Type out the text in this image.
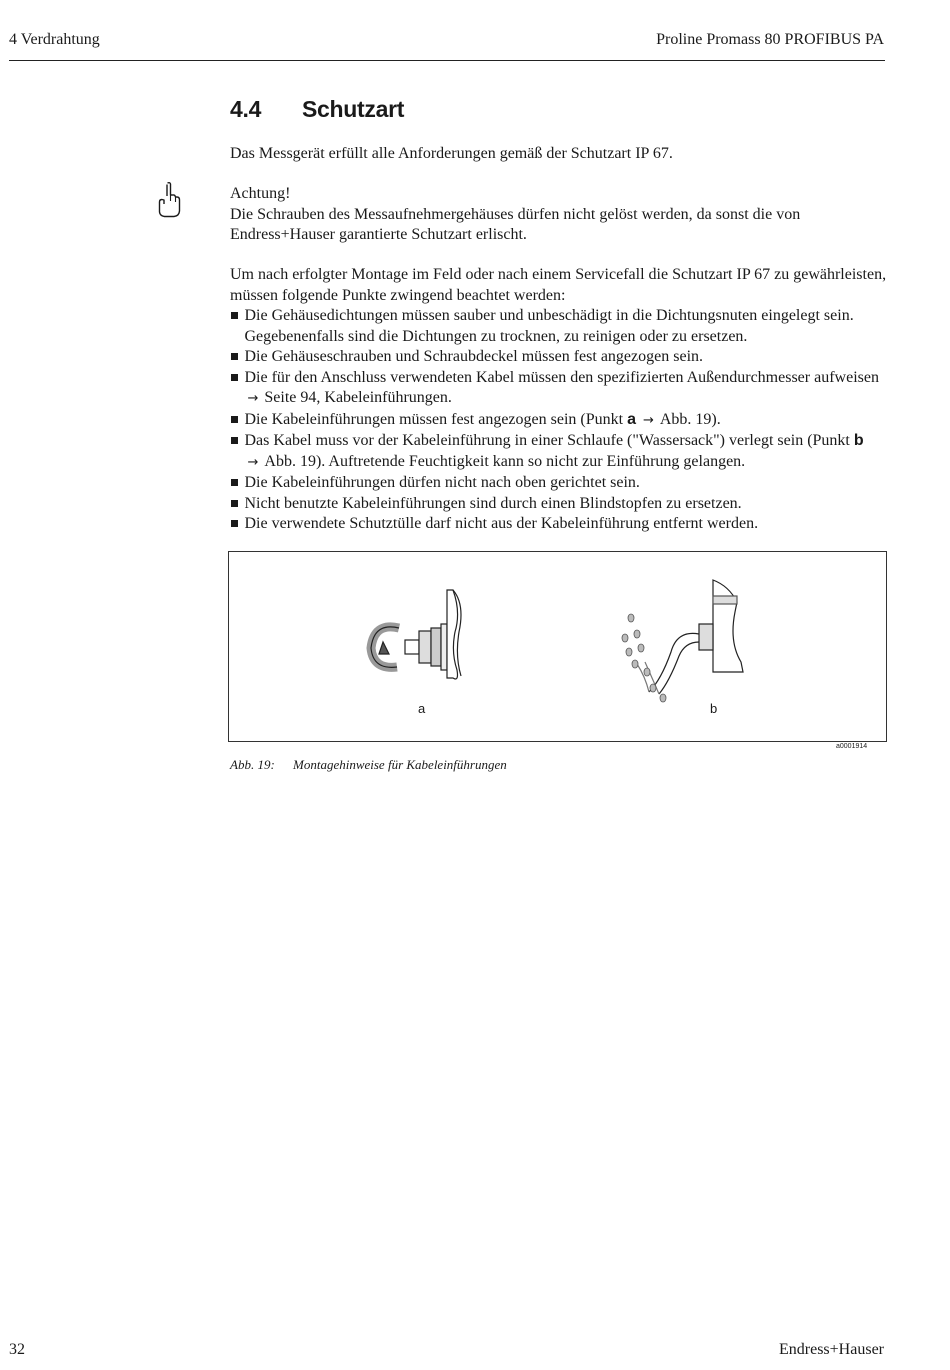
4 Verdrahtung	Proline Promass 80 PROFIBUS PA
4.4 Schutzart
Das Messgerät erfüllt alle Anforderungen gemäß der Schutzart IP 67.
Achtung!
Die Schrauben des Messaufnehmergehäuses dürfen nicht gelöst werden, da sonst die von Endress+Hauser garantierte Schutzart erlischt.
Um nach erfolgter Montage im Feld oder nach einem Servicefall die Schutzart IP 67 zu gewährleisten, müssen folgende Punkte zwingend beachtet werden:
Die Gehäusedichtungen müssen sauber und unbeschädigt in die Dichtungsnuten eingelegt sein. Gegebenenfalls sind die Dichtungen zu trocknen, zu reinigen oder zu ersetzen.
Die Gehäuseschrauben und Schraubdeckel müssen fest angezogen sein.
Die für den Anschluss verwendeten Kabel müssen den spezifizierten Außendurchmesser aufweisen → Seite 94, Kabeleinführungen.
Die Kabeleinführungen müssen fest angezogen sein (Punkt a → Abb. 19).
Das Kabel muss vor der Kabeleinführung in einer Schlaufe ("Wassersack") verlegt sein (Punkt b → Abb. 19). Auftretende Feuchtigkeit kann so nicht zur Einführung gelangen.
Die Kabeleinführungen dürfen nicht nach oben gerichtet sein.
Nicht benutzte Kabeleinführungen sind durch einen Blindstopfen zu ersetzen.
Die verwendete Schutztülle darf nicht aus der Kabeleinführung entfernt werden.
a	b
a0001914
Abb. 19: Montagehinweise für Kabeleinführungen
32	Endress+Hauser
